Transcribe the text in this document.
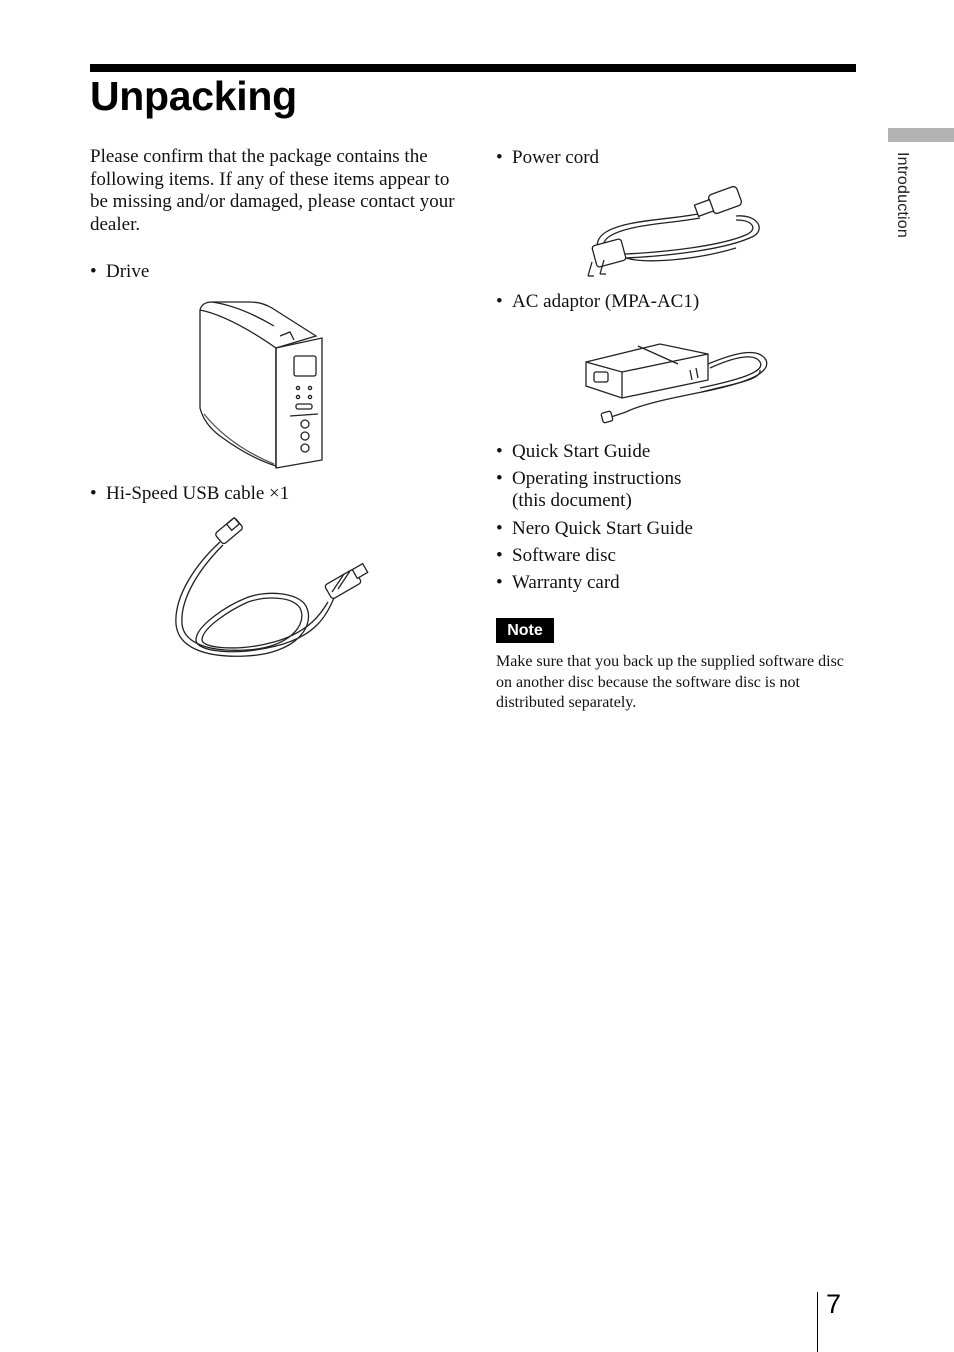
Unpacking
Introduction
Please confirm that the package contains the following items. If any of these items appear to be missing and/or damaged, please contact your dealer.
• Drive
• Hi-Speed USB cable ×1
• Power cord
• AC adaptor (MPA-AC1)
• Quick Start Guide
• Operating instructions
(this document)
• Nero Quick Start Guide
• Software disc
• Warranty card
Note
Make sure that you back up the supplied software disc on another disc because the software disc is not distributed separately.
7
